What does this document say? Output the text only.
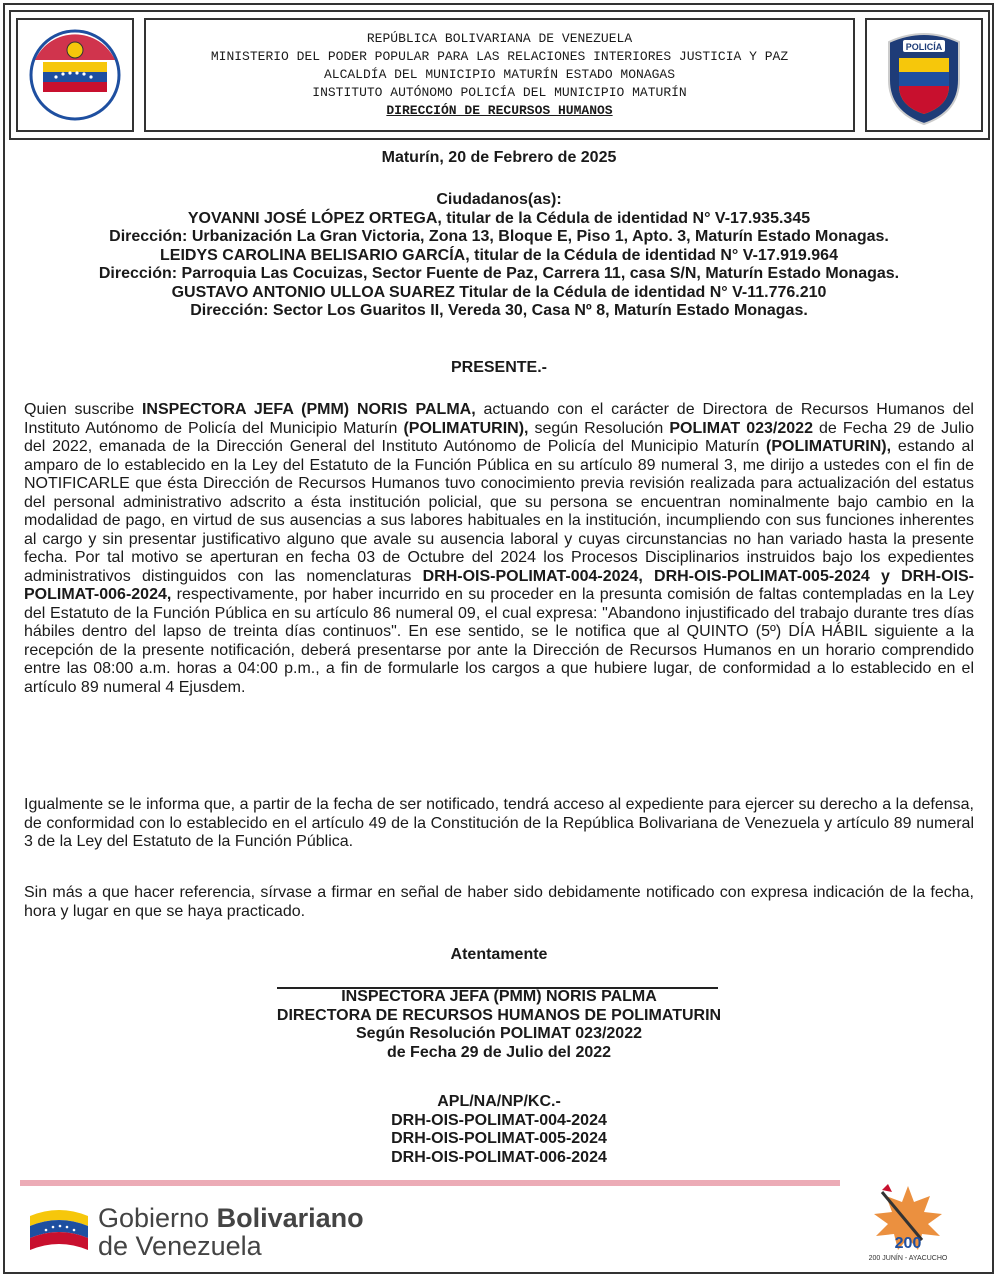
REPÚBLICA BOLIVARIANA DE VENEZUELA
MINISTERIO DEL PODER POPULAR PARA LAS RELACIONES INTERIORES JUSTICIA Y PAZ
ALCALDÍA DEL MUNICIPIO MATURÍN ESTADO MONAGAS
INSTITUTO AUTÓNOMO POLICÍA DEL MUNICIPIO MATURÍN
DIRECCIÓN DE RECURSOS HUMANOS
POLICÍA
Maturín, 20 de Febrero de 2025
Ciudadanos(as):
YOVANNI JOSÉ LÓPEZ ORTEGA, titular de la Cédula de identidad N° V-17.935.345
Dirección: Urbanización La Gran Victoria, Zona 13, Bloque E, Piso 1, Apto. 3, Maturín Estado Monagas.
LEIDYS CAROLINA BELISARIO GARCÍA, titular de la Cédula de identidad N° V-17.919.964
Dirección: Parroquia Las Cocuizas, Sector Fuente de Paz, Carrera 11, casa S/N, Maturín Estado Monagas.
GUSTAVO ANTONIO ULLOA SUAREZ Titular de la Cédula de identidad N° V-11.776.210
Dirección: Sector Los Guaritos II, Vereda 30, Casa Nº 8, Maturín Estado Monagas.
PRESENTE.-

Quien suscribe INSPECTORA JEFA (PMM) NORIS PALMA, actuando con el carácter de Directora de Recursos Humanos del Instituto Autónomo de Policía del Municipio Maturín (POLIMATURIN), según Resolución POLIMAT 023/2022 de Fecha 29 de Julio del 2022, emanada de la Dirección General del Instituto Autónomo de Policía del Municipio Maturín (POLIMATURIN), estando al amparo de lo establecido en la Ley del Estatuto de la Función Pública en su artículo 89 numeral 3, me dirijo a ustedes con el fin de NOTIFICARLE que ésta Dirección de Recursos Humanos tuvo conocimiento previa revisión realizada para actualización del estatus del personal administrativo adscrito a ésta institución policial, que su persona se encuentran nominalmente bajo cambio en la modalidad de pago, en virtud de sus ausencias a sus labores habituales en la institución, incumpliendo con sus funciones inherentes al cargo y sin presentar justificativo alguno que avale su ausencia laboral y cuyas circunstancias no han variado hasta la presente fecha. Por tal motivo se aperturan en fecha 03 de Octubre del 2024 los Procesos Disciplinarios instruidos bajo los expedientes administrativos distinguidos con las nomenclaturas DRH-OIS-POLIMAT-004-2024, DRH-OIS-POLIMAT-005-2024 y DRH-OIS-POLIMAT-006-2024, respectivamente, por haber incurrido en su proceder en la presunta comisión de faltas contempladas en la Ley del Estatuto de la Función Pública en su artículo 86 numeral 09, el cual expresa: "Abandono injustificado del trabajo durante tres días hábiles dentro del lapso de treinta días continuos". En ese sentido, se le notifica que al QUINTO (5º) DÍA HÁBIL siguiente a la recepción de la presente notificación, deberá presentarse por ante la Dirección de Recursos Humanos en un horario comprendido entre las 08:00 a.m. horas a 04:00 p.m., a fin de formularle los cargos a que hubiere lugar, de conformidad a lo establecido en el artículo 89 numeral 4 Ejusdem.

Igualmente se le informa que, a partir de la fecha de ser notificado, tendrá acceso al expediente para ejercer su derecho a la defensa, de conformidad con lo establecido en el artículo 49 de la Constitución de la República Bolivariana de Venezuela y artículo 89 numeral 3 de la Ley del Estatuto de la Función Pública.

Sin más a que hacer referencia, sírvase a firmar en señal de haber sido debidamente notificado con expresa indicación de la fecha, hora y lugar en que se haya practicado.

Atentamente
INSPECTORA JEFA (PMM) NORIS PALMA
DIRECTORA DE RECURSOS HUMANOS DE POLIMATURIN
Según Resolución POLIMAT 023/2022
de Fecha 29 de Julio del 2022
APL/NA/NP/KC.-
DRH-OIS-POLIMAT-004-2024
DRH-OIS-POLIMAT-005-2024
DRH-OIS-POLIMAT-006-2024
Gobierno Bolivariano
de Venezuela	200
200 JUNÍN - AYACUCHO
